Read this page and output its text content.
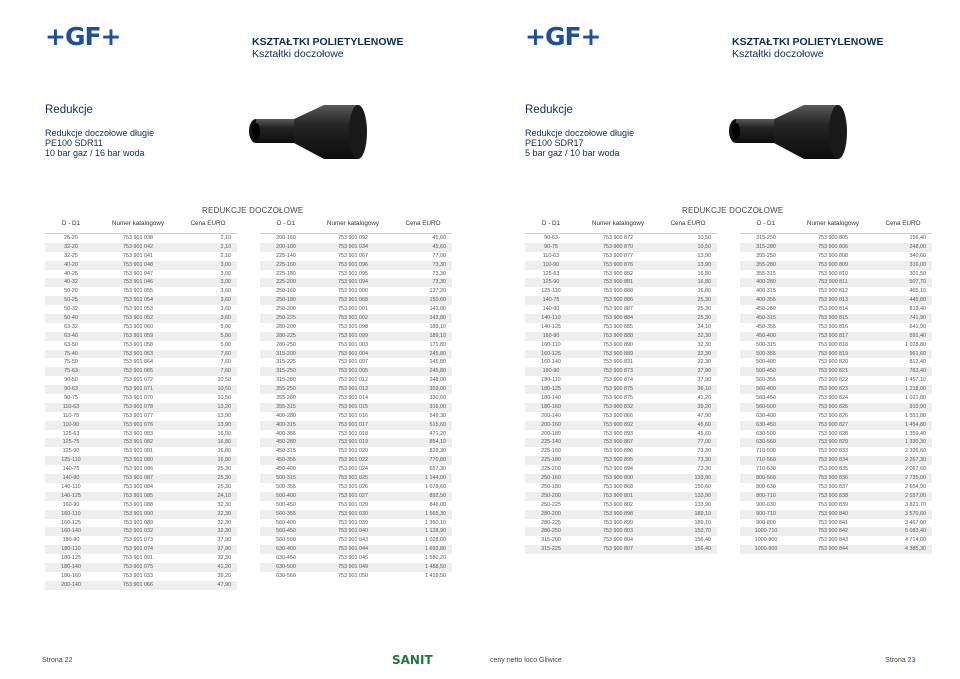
+GF+	KSZTAŁTKI POLIETYLENOWE
Kształtki doczołowe
Redukcje
Redukcje doczołowe długie
PE100 SDR11
10 bar gaz / 16 bar woda
REDUKCJE DOCZOŁOWE
D - D1	Numer katalogowy	Cena EURO
25-20	753 901 038	2,10
32-20	753 901 042	2,10
32-25	753 901 041	2,10
40-20	753 901 048	3,00
40-25	753 901 047	3,00
40-32	753 901 046	3,00
50-20	753 901 055	3,60
50-25	753 901 054	3,60
50-32	753 901 053	3,60
50-40	753 901 052	3,60
63-32	753 901 060	5,00
63-40	753 901 059	5,00
63-50	753 901 058	5,00
75-40	753 901 063	7,60
75-50	753 901 064	7,60
75-63	753 901 065	7,60
90-50	753 901 072	10,50
90-63	753 901 071	10,50
90-75	753 901 070	10,50
110-63	753 901 078	13,20
110-75	753 901 077	13,90
110-90	753 901 076	13,90
125-63	753 901 083	16,00
125-75	753 901 082	16,80
125-90	753 901 081	16,80
125-110	753 901 080	16,80
140-75	753 901 086	25,30
140-90	753 901 087	25,30
140-110	753 901 084	25,30
140-125	753 901 085	24,10
160-90	753 901 088	32,30
160-110	753 901 090	32,30
160-125	753 901 089	32,30
160-140	753 901 032	32,30
180-90	753 901 073	37,90
180-110	753 901 074	37,90
180-125	753 901 091	32,30
180-140	753 901 075	41,20
180-160	753 901 033	39,20
200-140	753 901 066	47,90
D - D1	Numer katalogowy	Cena EURO
200-160	753 901 092	45,60
200-180	753 901 034	45,60
225-140	753 901 067	77,00
225-160	753 901 096	73,30
225-180	753 901 095	73,30
225-200	753 901 094	73,30
250-160	753 901 000	137,20
250-180	753 901 068	150,60
250-200	753 901 001	143,80
250-225	753 901 002	143,80
280-200	753 901 098	189,10
280-225	753 901 099	189,10
280-250	753 901 003	171,80
315-200	753 901 004	245,80
315-225	753 901 097	245,80
315-250	753 901 005	245,80
315-280	753 901 012	248,00
355-250	753 901 013	359,00
355-280	753 901 014	330,60
355-315	753 901 015	316,00
400-280	753 901 016	549,30
400-315	753 901 017	515,60
400-355	753 901 018	471,20
450-280	753 901 019	854,10
450-315	753 901 020	828,30
450-355	753 901 022	770,80
450-400	753 901 024	657,30
500-315	753 901 025	1 144,00
500-355	753 901 026	1 078,60
500-400	753 901 027	892,50
500-450	753 901 029	846,00
560-355	753 901 030	1 565,30
560-400	753 901 039	1 350,10
560-450	753 901 040	1 128,90
560-500	753 901 043	1 028,60
630-400	753 901 044	1 693,80
630-450	753 901 045	1 580,20
630-500	753 901 049	1 488,50
630-560	753 901 050	1 419,50
Strona 22	SANIT
+GF+	KSZTAŁTKI POLIETYLENOWE
Kształtki doczołowe
Redukcje
Redukcje doczołowe długie
PE100 SDR17
5 bar gaz / 10 bar woda
REDUKCJE DOCZOŁOWE
D - D1	Numer katalogowy	Cena EURO
90-63	753 900 872	10,50
90-75	753 900 870	10,50
110-63	753 900 877	13,90
110-90	753 900 876	13,90
125-63	753 900 882	16,80
125-90	753 900 881	16,80
125-110	753 900 880	16,80
140-75	753 900 886	25,30
140-90	753 900 887	25,30
140-110	753 900 884	25,30
140-125	753 900 885	24,10
160-90	753 900 888	32,30
160-110	753 900 890	32,30
160-125	753 900 889	32,30
160-140	753 900 831	32,30
180-90	753 900 873	37,90
180-110	753 900 874	37,90
180-125	753 900 875	36,10
180-140	753 900 875	41,20
180-160	753 900 832	39,20
200-140	753 900 866	47,90
200-160	753 900 892	45,60
200-180	753 900 893	45,60
225-140	753 900 867	77,00
225-160	753 900 896	73,30
225-180	753 900 895	73,30
225-200	753 900 894	73,30
250-160	753 900 800	133,90
250-180	753 900 868	150,60
250-200	753 900 801	133,90
250-225	753 900 802	133,90
280-200	753 900 898	189,10
280-225	753 900 899	189,10
280-250	753 900 803	153,70
315-200	753 900 804	156,40
315-225	753 900 807	156,40
D - D1	Numer katalogowy	Cena EURO
315-250	753 900 805	156,40
315-280	753 900 806	248,00
355-250	753 900 808	340,60
355-280	753 900 809	316,00
355-315	753 900 810	301,50
400-280	753 900 811	507,70
400-315	753 900 812	465,10
400-355	753 900 813	445,80
450-280	753 900 814	819,40
450-315	753 900 815	741,90
450-355	753 900 816	641,90
450-400	753 900 817	591,40
500-315	753 900 818	1 028,80
500-355	753 900 819	961,60
500-400	753 900 820	812,40
500-450	753 900 821	763,40
560-355	753 900 822	1 457,10
560-400	753 900 823	1 218,00
560-450	753 900 824	1 021,80
560-500	753 900 825	910,90
630-400	753 900 826	1 551,80
630-450	753 900 827	1 454,80
630-500	753 900 828	1 359,40
630-560	753 900 829	1 330,30
710-500	753 900 833	2 326,60
710-560	753 900 834	2 267,30
710-630	753 900 835	2 067,60
800-560	753 900 836	2 735,00
800-630	753 900 837	2 654,90
800-710	753 900 838	2 557,00
900-630	753 900 839	3 821,70
900-710	753 900 840	3 570,60
900-800	753 900 841	3 467,00
1000-710	753 900 842	5 083,40
1000-800	753 900 843	4 714,60
1000-900	753 900 844	4 385,30
ceny netto loco Gliwice	Strona 23
